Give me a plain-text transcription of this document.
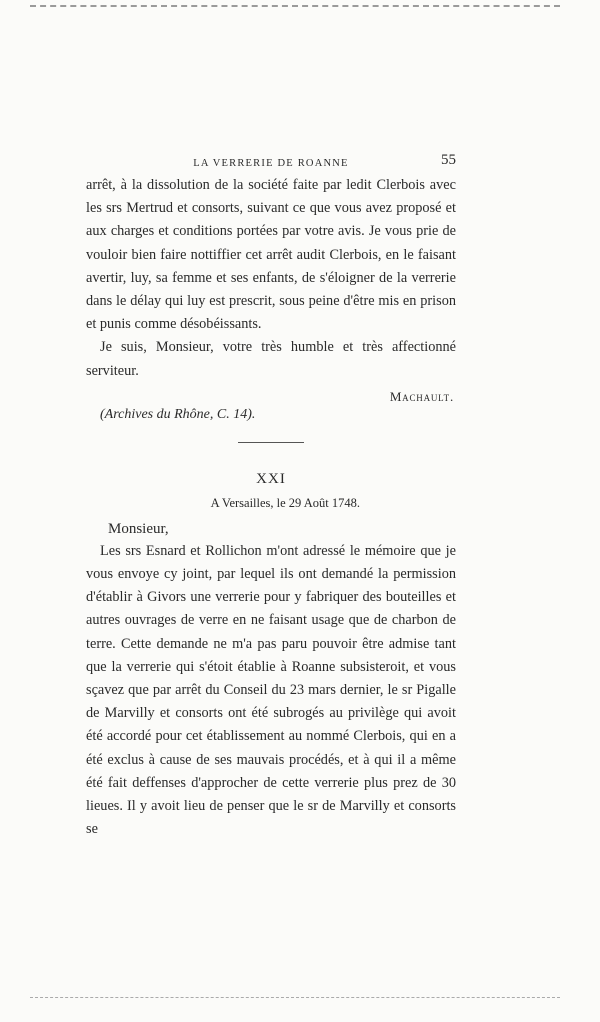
LA VERRERIE DE ROANNE	55

arrêt, à la dissolution de la société faite par ledit Clerbois avec les srs Mertrud et consorts, suivant ce que vous avez proposé et aux charges et conditions portées par votre avis. Je vous prie de vouloir bien faire nottiffier cet arrêt audit Clerbois, en le faisant avertir, luy, sa femme et ses enfants, de s'éloigner de la verrerie dans le délay qui luy est prescrit, sous peine d'être mis en prison et punis comme désobéissants.

Je suis, Monsieur, votre très humble et très affectionné serviteur.

Machault.

(Archives du Rhône, C. 14).

XXI
A Versailles, le 29 Août 1748.
Monsieur,

Les srs Esnard et Rollichon m'ont adressé le mémoire que je vous envoye cy joint, par lequel ils ont demandé la permission d'établir à Givors une verrerie pour y fabriquer des bouteilles et autres ouvrages de verre en ne faisant usage que de charbon de terre. Cette demande ne m'a pas paru pouvoir être admise tant que la verrerie qui s'étoit établie à Roanne subsisteroit, et vous sçavez que par arrêt du Conseil du 23 mars dernier, le sr Pigalle de Marvilly et consorts ont été subrogés au privilège qui avoit été accordé pour cet établissement au nommé Clerbois, qui en a été exclus à cause de ses mauvais procédés, et à qui il a même été fait deffenses d'approcher de cette verrerie plus prez de 30 lieues. Il y avoit lieu de penser que le sr de Marvilly et consorts se
